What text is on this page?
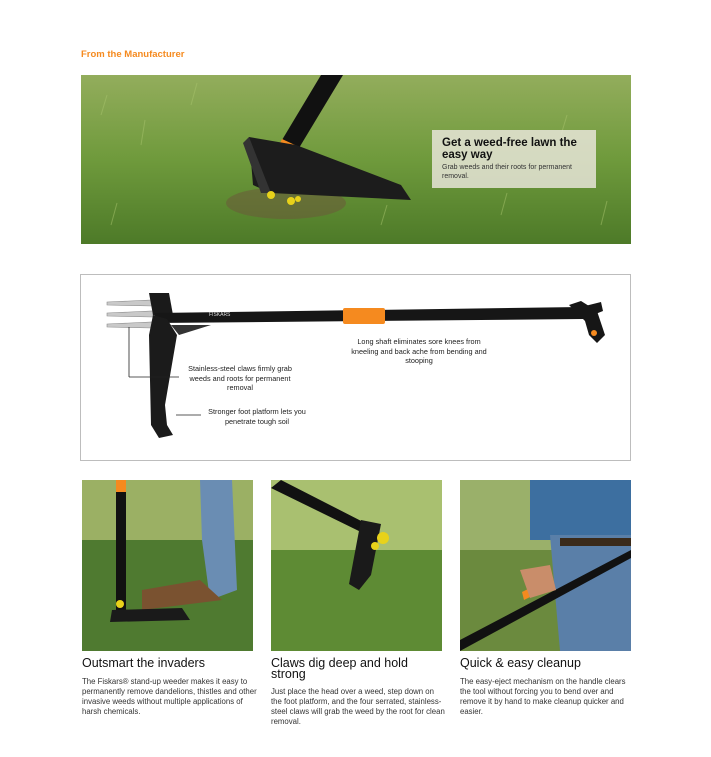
From the Manufacturer
Get a weed-free lawn the easy way
Grab weeds and their roots for permanent removal.
FISKARS
Long shaft eliminates sore knees from kneeling and back ache from bending and stooping
Stainless-steel claws firmly grab weeds and roots for permanent removal
Stronger foot platform lets you penetrate tough soil
Outsmart the invaders
The Fiskars® stand-up weeder makes it easy to permanently remove dandelions, thistles and other invasive weeds without multiple applications of harsh chemicals.
Claws dig deep and hold strong
Just place the head over a weed, step down on the foot platform, and the four serrated, stainless-steel claws will grab the weed by the root for clean removal.
Quick & easy cleanup
The easy-eject mechanism on the handle clears the tool without forcing you to bend over and remove it by hand to make cleanup quicker and easier.
